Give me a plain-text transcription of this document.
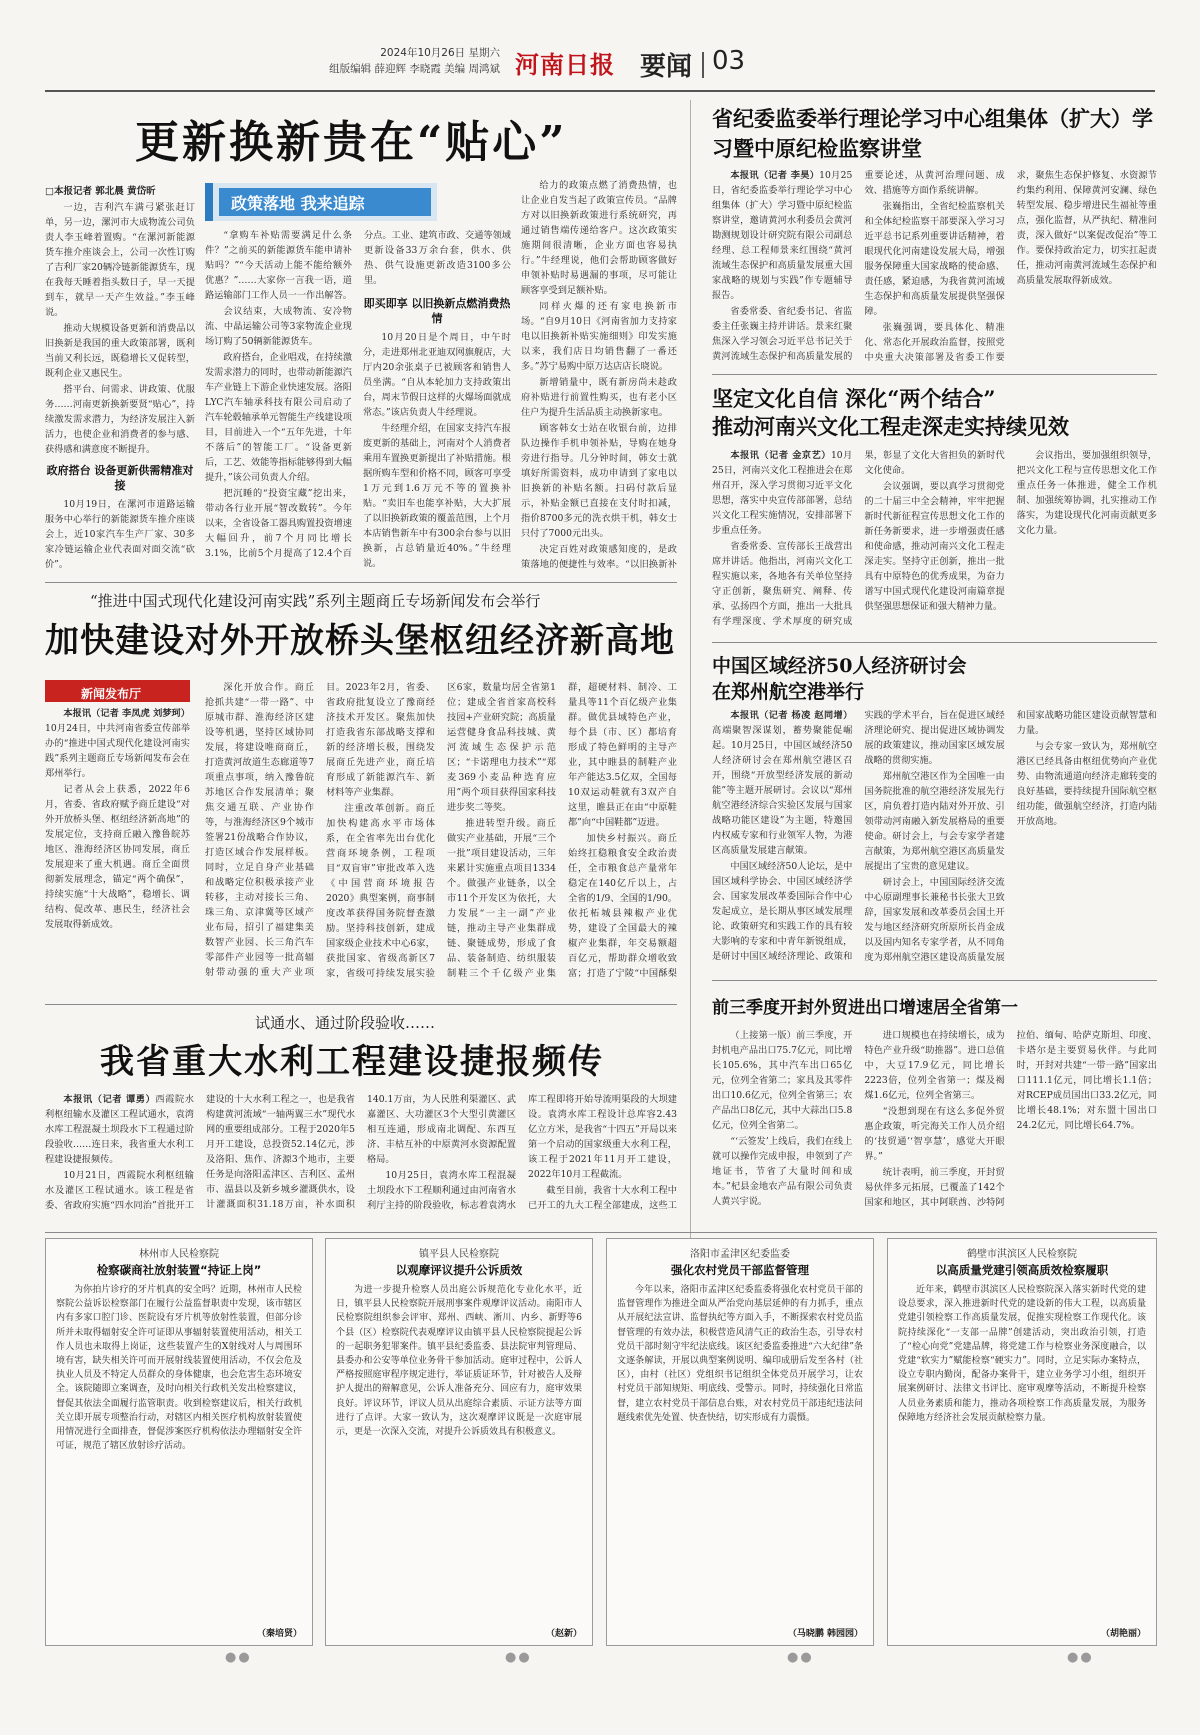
2024年10月26日 星期六
组版编辑 薛迎辉 李晓霞 美编 周鸿斌 河南日报 要闻 03
更新换新贵在“贴心”
□本报记者 郭北晨 黄岱昕
政策落地 我来追踪

一边，吉利汽车满弓紧张赶订单，另一边，漯河市大成物流公司负责人李玉峰着置购。“在漯河新能源货车推介座谈会上，公司一次性订购了吉利厂家20辆冷链新能源货车，现在我每天睡着指头数日子，早一天提到车，就早一天产生效益。”李玉峰说。

推动大规模设备更新和消费品以旧换新是我国的重大政策部署，既利当前又利长远，既稳增长又促转型，既利企业又惠民生。

搭平台、问需求、讲政策、优服务……河南更新换新要贤“贴心”，持续激发需求潜力，为经济发展注入新活力，也使企业和消费者的参与感、获得感和满意度不断提升。

政府搭台 设备更新供需精准对接

10月19日，在漯河市道路运输服务中心举行的新能源货车推介座谈会上，近10家汽车生产厂家、30多家冷链运输企业代表面对面交流“砍价”。

“拿购车补贴需要满足什么条件？”之前买的新能源货车能申请补贴吗？”“今天活动上能不能给额外优惠？”……大家你一言我一语，道路运输部门工作人员一一作出解答。

会议结束，大成物流、安冷物流、中晶运输公司等3家物流企业现场订购了50辆新能源货车。

政府搭台，企业唱戏，在持续激发需求潜力的同时，也带动新能源汽车产业链上下游企业快速发展。洛阳LYC汽车轴承科技有限公司启动了汽车轮毂轴承单元智能生产线建设项目，目前进入一个“五年先进，十年不落后”的智能工厂。“设备更新后，工艺、效能等指标能够得到大幅提升，”该公司负责人介绍。

把沉睡的“投资宝藏”挖出来，带动各行业开展“智改数转”。今年以来，全省设备工器具购置投资增速大幅回升，前7个月同比增长3.1%，比前5个月提高了12.4个百分点。工业、建筑市政、交通等领域更新设备33万余台套，供水、供热、供气设施更新改造3100多公里。

即买即享 以旧换新点燃消费热情

10月20日是个周日，中午时分，走进郑州北亚迪双网旗舰店，大厅内20余张桌子已被顾客和销售人员坐满。“自从本轮加力支持政策出台，周末节假日这样的火爆场面就成常态。”该店负责人牛经理说。

牛经理介绍，在国家支持汽车报废更新的基础上，河南对个人消费者乘用车置换更新提出了补贴措施。根据所购车型和价格不同，顾客可享受1万元到1.6万元不等的置换补贴。“卖旧车也能享补贴，大大扩展了以旧换新政策的覆盖范围，上个月本店销售新车中有300余台参与以旧换新，占总销量近40%。”牛经理说。

给力的政策点燃了消费热情，也让企业自发当起了政策宣传员。“品牌方对以旧换新政策进行系统研究，再通过销售端传递给客户。这次政策实施期间很清晰，企业方面也容易执行。”牛经理说，他们会帮助顾客做好申领补贴时易遇漏的事项，尽可能让顾客享受到足额补贴。

同样火爆的还有家电换新市场。“自9月10日《河南省加力支持家电以旧换新补贴实施细则》印发实施以来，我们店日均销售翻了一番还多。”苏宁易购中原万达店店长晓说。

新增销量中，既有新房尚未趁政府补贴进行前置性购买，也有老小区住户为提升生活品质主动换新家电。

顾客韩女士站在收银台前，边排队边操作手机申领补贴，导购在她身旁进行指导。几分钟时间，韩女士就填好所需资料，成功申请到了家电以旧换新的补贴名额。扫码付款后显示，补贴金额已直接在支付时扣减，指价8700多元的洗衣烘干机，韩女士只付了7000元出头。

决定百姓对政策感知度的，是政策落地的便捷性与效率。“以旧换新补

“推进中国式现代化建设河南实践”系列主题商丘专场新闻发布会举行
加快建设对外开放桥头堡枢纽经济新高地
新闻发布厅

本报讯（记者 李凤虎 刘梦珂）10月24日，中共河南省委宣传部举办的“推进中国式现代化建设河南实践”系列主题商丘专场新闻发布会在郑州举行。

记者从会上获悉，2022年6月，省委、省政府赋予商丘建设“对外开放桥头堡、枢纽经济新高地”的发展定位，支持商丘融入豫鲁皖苏地区、淮海经济区协同发展，商丘发展迎来了重大机遇。商丘全面贯彻新发展理念，锚定“两个确保”，持续实施“十大战略”，稳增长、调结构、促改革、惠民生，经济社会发展取得新成效。

深化开放合作。商丘抢抓共建“一带一路”、中原城市群、淮海经济区建设等机遇，坚持区域协同发展，将建设唯商商丘，打造黄河故道生态廊道等7项重点事项，纳入豫鲁皖苏地区合作发展清单；聚焦交通互联、产业协作等，与淮海经济区9个城市签署21份战略合作协议，打造区域合作发展样板。同时，立足自身产业基础和战略定位积极承接产业转移，主动对接长三角、珠三角、京津冀等区域产业布局，招引了福建集美数智产业园、长三角汽车零部件产业园等一批高辐射带动强的重大产业项目。2023年2月，省委、省政府批复设立了豫商经济技术开发区。聚焦加快打造我省东部战略支撑和新的经济增长极，围绕发展商丘先进产业，商丘培育形成了新能源汽车、新材料等产业集群。

注重改革创新。商丘加快构建高水平市场体系，在全省率先出台优化营商环境条例，工程项目“双盲审”审批改革入选《中国营商环境报告2020》典型案例，商事制度改革获得国务院督查激励。坚持科技创新，建成国家级企业技术中心6家，获批国家、省级高新区7家，省级可持续发展实验区6家，数量均居全省第1位；建成全省首家高校科技园+产业研究院；高质量运营健身食品科技城、黄河流域生态保护示范区；“卡诺理电力技术”“郑麦369小麦品种选育应用”两个项目获得国家科技进步奖二等奖。

推进转型升级。商丘做实产业基础，开展“三个一批”项目建设活动，三年来累计实施重点项目1334个。做强产业链条，以全市11个开发区为依托，大力发展“一主一副”产业链，推动主导产业集群成链、聚链成势，形成了食品、装备制造、纺织服装制鞋三个千亿级产业集群，超硬材料、制冷、工量具等11个百亿级产业集群。做优县域特色产业，每个县（市、区）都培育形成了特色鲜明的主导产业，其中睢县的制鞋产业年产能达3.5亿双，全国每10双运动鞋就有3双产自这里，睢县正在由“中原鞋都”向“中国鞋都”迈进。

加快乡村振兴。商丘始终扛稳粮食安全政治责任，全市粮食总产量常年稳定在140亿斤以上，占全省的1/9、全国的1/90。依托柘城县辣椒产业优势，建设了全国最大的辣椒产业集群，年交易额超百亿元，帮助群众增收致富；打造了宁陵“中国酥梨

试通水、通过阶段验收……
我省重大水利工程建设捷报频传

本报讯（记者 谭勇）西霞院水利枢纽输水及灌区工程试通水，袁湾水库工程混凝土坝段水下工程通过阶段验收……连日来，我省重大水利工程建设捷报频传。

10月21日，西霞院水利枢纽输水及灌区工程试通水。该工程是省委、省政府实施“四水同治”首批开工建设的十大水利工程之一，也是我省构建黄河流域“一轴两翼三水”现代水网的重要组成部分。工程于2020年5月开工建设，总投资52.14亿元，涉及洛阳、焦作、济源3个地市，主要任务是向洛阳孟津区、吉利区、孟州市、温县以及新乡城乡灌溉供水，设计灌溉面积31.18万亩，补水面积140.1万亩，为人民胜利渠灌区、武嘉灌区、大功灌区3个大型引黄灌区相互连通，形成南北调配、东西互济、丰枯互补的中原黄河水资源配置格局。

10月25日，袁湾水库工程混凝土坝段水下工程顺利通过由河南省水利厅主持的阶段验收，标志着袁湾水库工程即将开始导流明渠段的大坝建设。袁湾水库工程设计总库容2.43亿立方米，是我省“十四五”开局以来第一个启动的国家级重大水利工程，该工程于2021年11月开工建设，2022年10月工程截流。

截至目前，我省十大水利工程中已开工的九大工程全部建成，这些工

省纪委监委举行理论学习中心组集体（扩大）学习暨中原纪检监察讲堂

本报讯（记者 李昊）10月25日，省纪委监委举行理论学习中心组集体（扩大）学习暨中原纪检监察讲堂，邀请黄河水利委员会黄河勘测规划设计研究院有限公司副总经理、总工程师景来红围绕“黄河流域生态保护和高质量发展重大国家战略的规划与实践”作专题辅导报告。

省委常委、省纪委书记、省监委主任张巍主持并讲话。景来红聚焦深入学习领会习近平总书记关于黄河流域生态保护和高质量发展的重要论述，从黄河治理问题、成效、措施等方面作系统讲解。

张巍指出，全省纪检监察机关和全体纪检监察干部要深入学习习近平总书记系列重要讲话精神，着眼现代化河南建设发展大局，增强服务保障重大国家战略的使命感、责任感，紧迫感，为我省黄河流域生态保护和高质量发展提供坚强保障。

张巍强调，要具体化、精准化、常态化开展政治监督，按照党中央重大决策部署及省委工作要求，聚焦生态保护修复、水资源节约集约利用、保障黄河安澜、绿色转型发展、稳步增进民生福祉等重点，强化监督，从严执纪、精准问责，深入做好“以案促改促治”等工作。要保持政治定力，切实扛起责任，推动河南黄河流域生态保护和高质量发展取得新成效。

坚定文化自信 深化“两个结合”
推动河南兴文化工程走深走实持续见效

本报讯（记者 金京艺）10月25日，河南兴文化工程推进会在郑州召开，深入学习贯彻习近平文化思想，落实中央宣传部部署，总结兴文化工程实施情况，安排部署下步重点任务。

省委常委、宣传部长王战营出席并讲话。他指出，河南兴文化工程实施以来，各地各有关单位坚持守正创新，聚焦研究、阐释、传承、弘扬四个方面，推出一大批具有学理深度、学术厚度的研究成果，彰显了文化大省担负的新时代文化使命。

会议强调，要以真学习贯彻党的二十届三中全会精神，牢牢把握新时代新征程宣传思想文化工作的新任务新要求，进一步增强责任感和使命感，推动河南兴文化工程走深走实。坚持守正创新，推出一批具有中原特色的优秀成果，为奋力谱写中国式现代化建设河南篇章提供坚强思想保证和强大精神力量。

会议指出，要加强组织领导，把兴文化工程与宣传思想文化工作重点任务一体推进，健全工作机制、加强统筹协调，扎实推动工作落实，为建设现代化河南贡献更多文化力量。

中国区域经济50人经济研讨会
在郑州航空港举行

本报讯（记者 杨凌 赵同增）高端聚智深谋划，蓄势聚能促崛起。10月25日，中国区域经济50人经济研讨会在郑州航空港区召开，围绕“开放型经济发展的新动能”等主题开展研讨。会议以“郑州航空港经济综合实验区发展与国家战略功能区建设”为主题，特邀国内权威专家和行业领军人物，为港区高质量发展建言献策。

中国区域经济50人论坛，是中国区域科学协会、中国区域经济学会、国家发展改革委国际合作中心发起成立，是长期从事区域发展理论、政策研究和实践工作的具有较大影响的专家和中青年新锐组成，是研讨中国区域经济理论、政策和实践的学术平台，旨在促进区域经济理论研究、提出促进区域协调发展的政策建议，推动国家区域发展战略的贯彻实施。

郑州航空港区作为全国唯一由国务院批准的航空港经济发展先行区，肩负着打造内陆对外开放、引领带动河南融入新发展格局的重要使命。研讨会上，与会专家学者建言献策，为郑州航空港区高质量发展提出了宝贵的意见建议。

研讨会上，中国国际经济交流中心原副理事长兼秘书长张大卫致辞，国家发展和改革委员会国土开发与地区经济研究所原所长肖金成以及国内知名专家学者，从不同角度为郑州航空港区建设高质量发展和国家战略功能区建设贡献智慧和力量。

与会专家一致认为，郑州航空港区已经具备由枢纽优势向产业优势、由物流通道向经济走廊转变的良好基础，要持续提升国际航空枢纽功能，做强航空经济，打造内陆开放高地。

前三季度开封外贸进出口增速居全省第一

（上接第一版）前三季度，开封机电产品出口75.7亿元，同比增长105.6%，其中汽车出口65亿元，位列全省第二；家具及其零件出口10.6亿元，位列全省第三；农产品出口8亿元，其中大蒜出口5.8亿元，位列全省第二。

“‘云签发’上线后，我们在线上就可以操作完成申报，申领到了产地证书，节省了大量时间和成本。”杞县金地农产品有限公司负责人黄兴宇说。

进口规模也在持续增长，成为特色产业升级“助推器”。进口总值中，大豆17.9亿元，同比增长2223倍，位列全省第一；煤及褐煤1.6亿元，位列全省第三。

“没想到现在有这么多促外贸惠企政策，听完海关工作人员介绍的‘技贸通’‘智享慧’，感觉大开眼界。”

统计表明，前三季度，开封贸易伙伴多元拓展，已覆盖了142个国家和地区，其中阿联酋、沙特阿拉伯、缅甸、哈萨克斯坦、印度、卡塔尔是主要贸易伙伴。与此同时，开封对共建“一带一路”国家出口111.1亿元，同比增长1.1倍；对RCEP成员国出口33.2亿元，同比增长48.1%；对东盟十国出口24.2亿元，同比增长64.7%。

林州市人民检察院
检察碳商社放射装置“持证上岗”

为你拍片诊疗的牙片机真的安全吗？近期，林州市人民检察院公益诉讼检察部门在履行公益监督职责中发现，该市辖区内有多家口腔门诊、医院设有牙片机等放射性装置，但部分诊所并未取得辐射安全许可证即从事辐射装置使用活动，相关工作人员也未取得上岗证，这些装置产生的X射线对人与周围环境有害，缺失相关许可而开展射线装置使用活动，不仅会危及执业人员及不特定人员群众的身体健康，也会危害生态环境安全。该院随即立案调查，及时向相关行政机关发出检察建议，督促其依法全面履行监管职责。收到检察建议后，相关行政机关立即开展专项整治行动，对辖区内相关医疗机构放射装置使用情况进行全面排查，督促涉案医疗机构依法办理辐射安全许可证，规范了辖区放射诊疗活动。

（秦培贤）
镇平县人民检察院
以观摩评议提升公诉质效

为进一步提升检察人员出庭公诉规范化专业化水平，近日，镇平县人民检察院开展刑事案件观摩评议活动。南阳市人民检察院组织参会评审、郑州、西峡、淅川、内乡、新野等6个县（区）检察院代表观摩评议由镇平县人民检察院提起公诉的一起职务犯罪案件。镇平县纪委监委、县法院审判管理局、县委办和公安等单位业务骨干参加活动。庭审过程中，公诉人严格按照庭审程序规定进行，举证质证环节，针对被告人及辩护人提出的辩解意见，公诉人准备充分、回应有力，庭审效果良好。评议环节，评议人员从出庭综合素质、示证方法等方面进行了点评。大家一致认为，这次观摩评议既是一次庭审展示，更是一次深入交流，对提升公诉质效具有积极意义。

（赵新）
洛阳市孟津区纪委监委
强化农村党员干部监督管理

今年以来，洛阳市孟津区纪委监委将强化农村党员干部的监督管理作为推进全面从严治党向基层延伸的有力抓手，重点从开展纪法宣讲、监督执纪等方面入手，不断探索农村党员监督管理的有效办法，积极营造风清气正的政治生态，引导农村党员干部时刻守牢纪法底线。该区纪委监委推进“六大纪律”条文逐条解读，开展以典型案例说明、编印成册后发至各村（社区），由村（社区）党组织书记组织全体党员开展学习，让农村党员干部知规矩、明底线、受警示。同时，持续强化日常监督，建立农村党员干部信息台账，对农村党员干部违纪违法问题线索优先处置、快查快结，切实形成有力震慑。

（马晓鹏 韩园园）
鹤壁市淇滨区人民检察院
以高质量党建引领高质效检察履职

近年来，鹤壁市淇滨区人民检察院深入落实新时代党的建设总要求，深入推进新时代党的建设新的伟大工程，以高质量党建引领检察工作高质量发展，促推实现检察工作现代化。该院持续深化“一支部一品牌”创建活动，突出政治引领，打造了“检心向党”党建品牌，将党建工作与检察业务深度融合，以党建“软实力”赋能检察“硬实力”。同时，立足实际办案特点，设立专职内勤岗，配备办案骨干，建立业务学习小组，组织开展案例研讨、法律文书评比、庭审观摩等活动，不断提升检察人员业务素质和能力，推动各项检察工作高质量发展，为服务保障地方经济社会发展贡献检察力量。

（胡艳丽）
●●	●●	●●	●●
